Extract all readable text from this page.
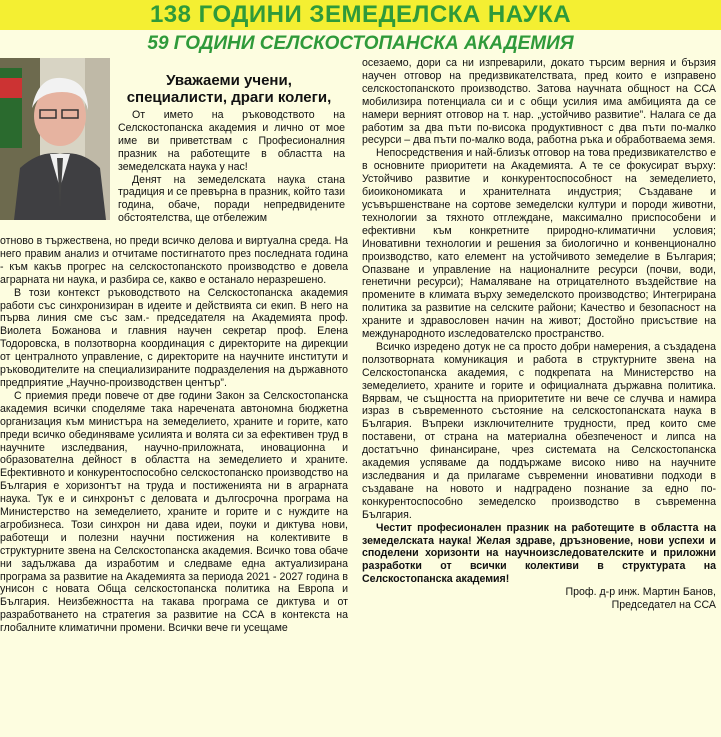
138 ГОДИНИ ЗЕМЕДЕЛСКА НАУКА
59 ГОДИНИ СЕЛСКОСТОПАНСКА АКАДЕМИЯ
Уважаеми учени, специалисти, драги колеги,

От името на ръководството на Селскостопанска академия и лично от мое име ви приветствам с Професионалния празник на работещите в областта на земеделската наука у нас!

Денят на земеделската наука стана традиция и се превърна в празник, който тази година, обаче, поради непредвидените обстоятелства, ще отбележим

отново в тържествена, но преди всичко делова и виртуална среда. На него правим анализ и отчитаме постигнатото през последната година - към какъв прогрес на селскостопанското производство е довела аграрната ни наука, и разбира се, какво е останало неразрешено.

В този контекст ръководството на Селскостопанска академия работи със синхронизиран в идеите и действията си екип. В него на първа линия сме със зам.- председателя на Академията проф. Виолета Божанова и главния научен секретар проф. Елена Тодоровска, в ползотворна координация с директорите на дирекции от централното управление, с директорите на научните институти и ръководителите на специализираните подразделения на държавното предприятие „Научно-производствен център”.

С приемия преди повече от две години Закон за Селскостопанска академия всички споделяме така наречената автономна бюджетна организация към министъра на земеделието, храните и горите, като преди всичко обединяваме усилията и волята си за ефективен труд в научните изследвания, научно-приложната, иновационна и образователна дейност в областта на земеделието и храните. Ефективното и конкурентоспособно селскостопанско производство на България е хоризонтът на труда и постиженията ни в аграрната наука. Тук е и синхронът с деловата и дългосрочна програма на Министерство на земеделието, храните и горите и с нуждите на агробизнеса. Този синхрон ни дава идеи, поуки и диктува нови, работещи и полезни научни постижения на колективите в структурните звена на Селскостопанска академия. Всичко това обаче ни задължава да изработим и следваме една актуализирана програма за развитие на Академията за периода 2021 - 2027 година в унисон с новата Обща селскостопанска политика на Европа и България. Неизбежността на такава програма се диктува и от разработването на стратегия за развитие на ССА в контекста на глобалните климатични промени. Всички вече ги усещаме

осезаемо, дори са ни изпреварили, докато търсим верния и бързия научен отговор на предизвикателствата, пред които е изправено селскостопанското производство. Затова научната общност на ССА мобилизира потенциала си и с общи усилия има амбицията да се намери верният отговор на т. нар. „устойчиво развитие”. Налага се да работим за два пъти по-висока продуктивност с два пъти по-малко ресурси – два пъти по-малко вода, работна ръка и обработваема земя.

Непосредствения и най-близък отговор на това предизвикателство е в основните приоритети на Академията. А те се фокусират върху: Устойчиво развитие и конкурентоспособност на земеделието, биоикономиката и хранителната индустрия; Създаване и усъвършенстване на сортове земеделски култури и породи животни, технологии за тяхното отглеждане, максимално приспособени и ефективни към конкретните природно-климатични условия; Иновативни технологии и решения за биологично и конвенционално производство, като елемент на устойчивото земеделие в България; Опазване и управление на националните ресурси (почви, води, генетични ресурси); Намаляване на отрицателното въздействие на промените в климата върху земеделското производство; Интегрирана политика за развитие на селските райони; Качество и безопасност на храните и здравословен начин на живот; Достойно присъствие на международното изследователско пространство.

Всичко изредено дотук не са просто добри намерения, а създадена ползотворната комуникация и работа в структурните звена на Селскостопанска академия, с подкрепата на Министерство на земеделието, храните и горите и официалната държавна политика. Вярвам, че същността на приоритетите ни вече се случва и намира израз в съвременното състояние на селскостопанската наука в България. Въпреки изключителните трудности, пред които сме поставени, от страна на материална обезпеченост и липса на достатъчно финансиране, чрез системата на Селскостопанска академия успяваме да поддържаме високо ниво на научните изследвания и да прилагаме съвременни иновативни подходи в създаване на новото и надградено познание за едно по-конкурентоспособно земеделско производство в съвременна България.

Честит професионален празник на работещите в областта на земеделската наука! Желая здраве, дръзновение, нови успехи и споделени хоризонти на научноизследователските и приложни разработки от всички колективи в структурата на Селскостопанска академия!

Проф. д-р инж. Мартин Банов,

Председател на ССА
